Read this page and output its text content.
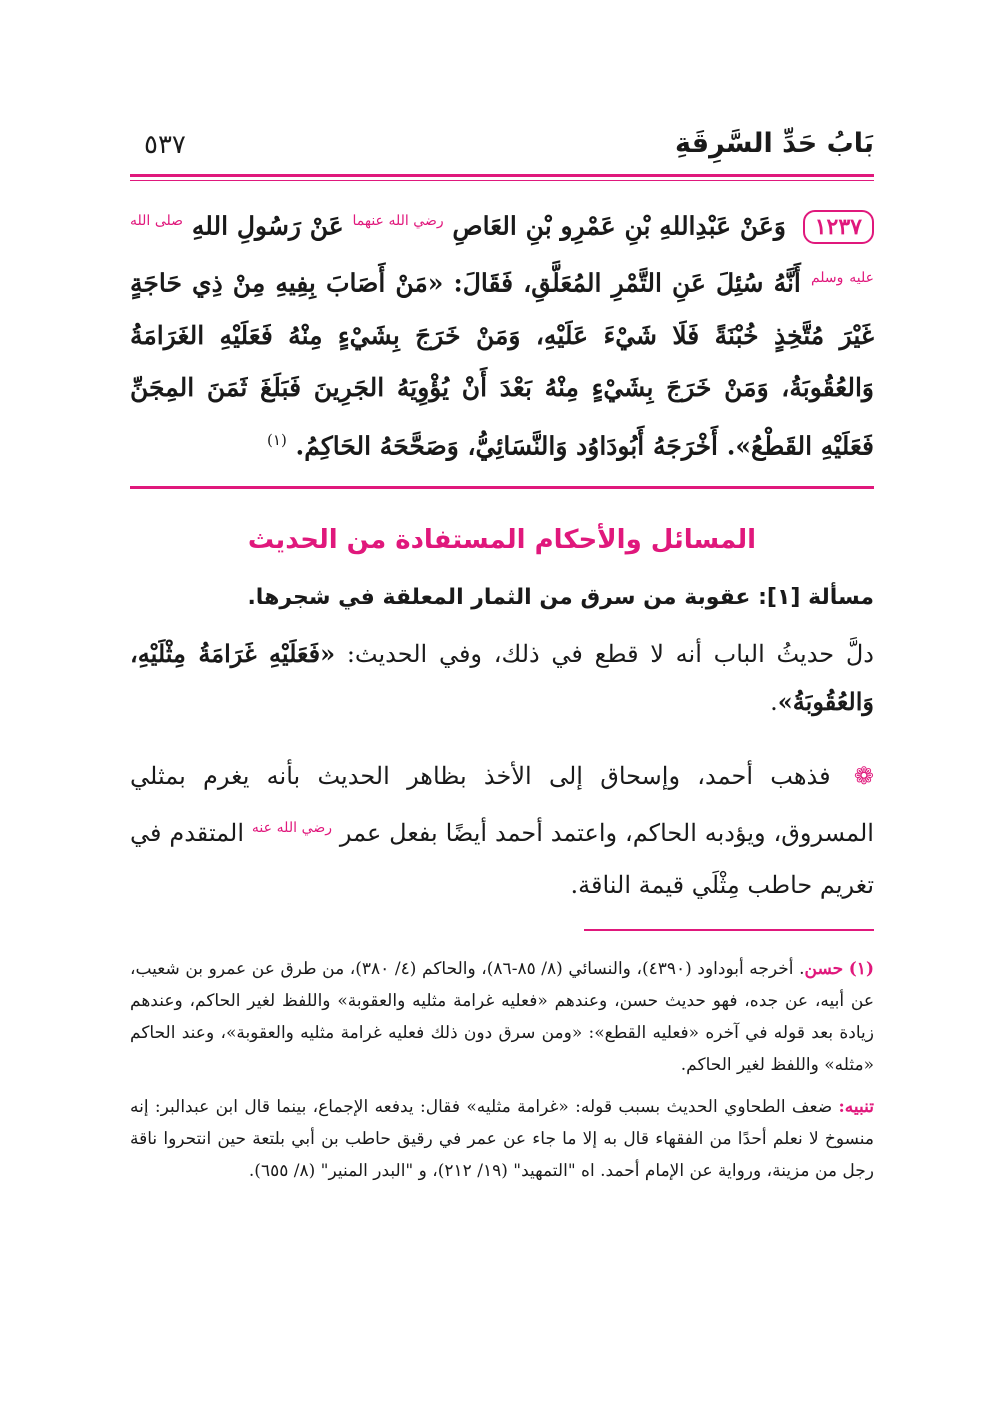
بَابُ حَدِّ السَّرِقَةِ
٥٣٧
١٢٣٧ وَعَنْ عَبْدِاللهِ بْنِ عَمْرِو بْنِ العَاصِ $^{رضي الله عنهما}$ عَنْ رَسُولِ اللهِ $^{صلى الله عليه وسلم}$ أَنَّهُ سُئِلَ عَنِ التَّمْرِ المُعَلَّقِ، فَقَالَ: «مَنْ أَصَابَ بِفِيهِ مِنْ ذِي حَاجَةٍ غَيْرَ مُتَّخِذٍ خُبْنَةً فَلَا شَيْءَ عَلَيْهِ، وَمَنْ خَرَجَ بِشَيْءٍ مِنْهُ فَعَلَيْهِ الغَرَامَةُ وَالعُقُوبَةُ، وَمَنْ خَرَجَ بِشَيْءٍ مِنْهُ بَعْدَ أَنْ يُؤْوِيَهُ الجَرِينَ فَبَلَغَ ثَمَنَ المِجَنِّ فَعَلَيْهِ القَطْعُ». أَخْرَجَهُ أَبُودَاوُد وَالنَّسَائِيُّ، وَصَحَّحَهُ الحَاكِمُ. $^{(١)}$
المسائل والأحكام المستفادة من الحديث
مسألة [١]: عقوبة من سرق من الثمار المعلقة في شجرها.
دلَّ حديثُ الباب أنه لا قطع في ذلك، وفي الحديث: «فَعَلَيْهِ غَرَامَةُ مِثْلَيْهِ، وَالعُقُوبَةُ».
❁ فذهب أحمد، وإسحاق إلى الأخذ بظاهر الحديث بأنه يغرم بمثلي المسروق، ويؤدبه الحاكم، واعتمد أحمد أيضًا بفعل عمر $^{رضي الله عنه}$ المتقدم في تغريم حاطب مِثْلَي قيمة الناقة.
(١) حسن. أخرجه أبوداود (٤٣٩٠)، والنسائي (٨/ ٨٥-٨٦)، والحاكم (٤/ ٣٨٠)، من طرق عن عمرو بن شعيب، عن أبيه، عن جده، فهو حديث حسن، وعندهم «فعليه غرامة مثليه والعقوبة» واللفظ لغير الحاكم، وعندهم زيادة بعد قوله في آخره «فعليه القطع»: «ومن سرق دون ذلك فعليه غرامة مثليه والعقوبة»، وعند الحاكم «مثله» واللفظ لغير الحاكم.
تنبيه: ضعف الطحاوي الحديث بسبب قوله: «غرامة مثليه» فقال: يدفعه الإجماع، بينما قال ابن عبدالبر: إنه منسوخ لا نعلم أحدًا من الفقهاء قال به إلا ما جاء عن عمر في رقيق حاطب بن أبي بلتعة حين انتحروا ناقة رجل من مزينة، ورواية عن الإمام أحمد. اه "التمهيد" (١٩/ ٢١٢)، و "البدر المنير" (٨/ ٦٥٥).
